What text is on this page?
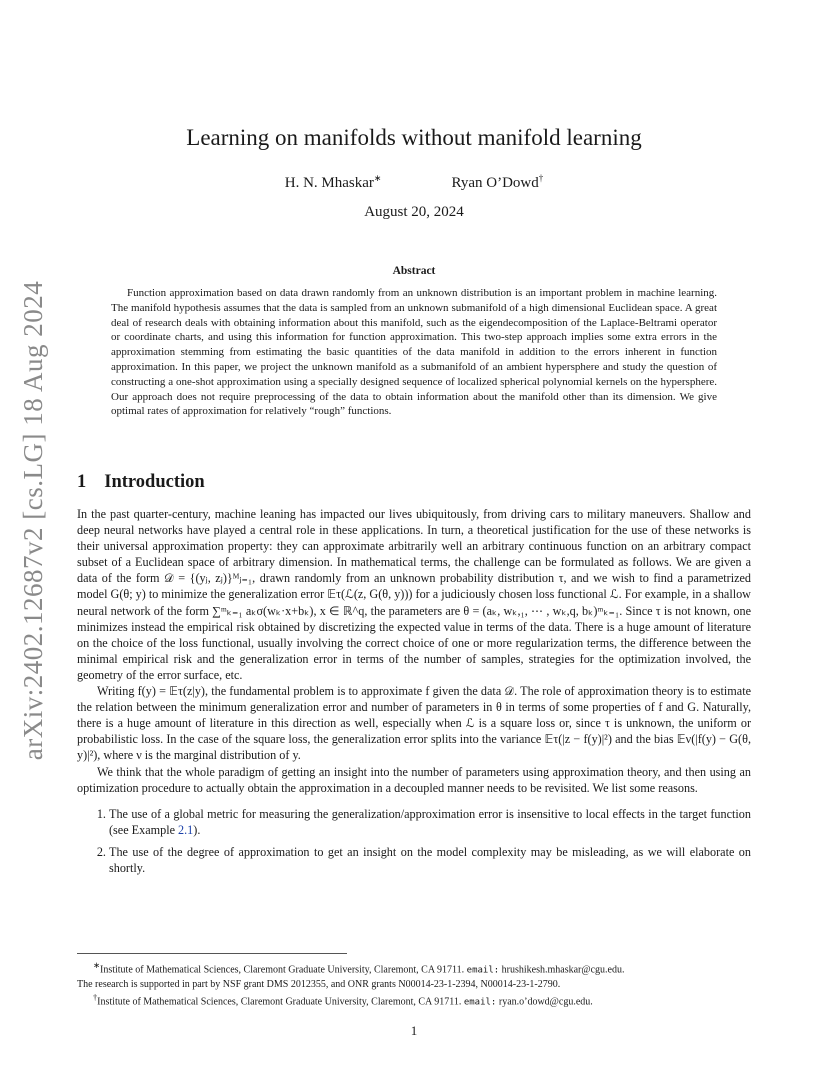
arXiv:2402.12687v2 [cs.LG] 18 Aug 2024
Learning on manifolds without manifold learning
H. N. Mhaskar∗	Ryan O’Dowd†
August 20, 2024
Abstract

Function approximation based on data drawn randomly from an unknown distribution is an important problem in machine learning. The manifold hypothesis assumes that the data is sampled from an unknown submanifold of a high dimensional Euclidean space. A great deal of research deals with obtaining information about this manifold, such as the eigendecomposition of the Laplace-Beltrami operator or coordinate charts, and using this information for function approximation. This two-step approach implies some extra errors in the approximation stemming from estimating the basic quantities of the data manifold in addition to the errors inherent in function approximation. In this paper, we project the unknown manifold as a submanifold of an ambient hypersphere and study the question of constructing a one-shot approximation using a specially designed sequence of localized spherical polynomial kernels on the hypersphere. Our approach does not require preprocessing of the data to obtain information about the manifold other than its dimension. We give optimal rates of approximation for relatively “rough” functions.

1 Introduction

In the past quarter-century, machine leaning has impacted our lives ubiquitously, from driving cars to military maneuvers. Shallow and deep neural networks have played a central role in these applications. In turn, a theoretical justification for the use of these networks is their universal approximation property: they can approximate arbitrarily well an arbitrary continuous function on an arbitrary compact subset of a Euclidean space of arbitrary dimension. In mathematical terms, the challenge can be formulated as follows. We are given a data of the form 𝒟 = {(yⱼ, zⱼ)}ᴹⱼ₌₁, drawn randomly from an unknown probability distribution τ, and we wish to find a parametrized model G(θ; y) to minimize the generalization error 𝔼τ(ℒ(z, G(θ, y))) for a judiciously chosen loss functional ℒ. For example, in a shallow neural network of the form ∑ᵐₖ₌₁ aₖσ(wₖ·x+bₖ), x ∈ ℝ^q, the parameters are θ = (aₖ, wₖ,₁, ⋯ , wₖ,q, bₖ)ᵐₖ₌₁. Since τ is not known, one minimizes instead the empirical risk obtained by discretizing the expected value in terms of the data. There is a huge amount of literature on the choice of the loss functional, usually involving the correct choice of one or more regularization terms, the difference between the minimal empirical risk and the generalization error in terms of the number of samples, strategies for the optimization involved, the geometry of the error surface, etc.

Writing f(y) = 𝔼τ(z|y), the fundamental problem is to approximate f given the data 𝒟. The role of approximation theory is to estimate the relation between the minimum generalization error and number of parameters in θ in terms of some properties of f and G. Naturally, there is a huge amount of literature in this direction as well, especially when ℒ is a square loss or, since τ is unknown, the uniform or probabilistic loss. In the case of the square loss, the generalization error splits into the variance 𝔼τ(|z − f(y)|²) and the bias 𝔼ν(|f(y) − G(θ, y)|²), where ν is the marginal distribution of y.

We think that the whole paradigm of getting an insight into the number of parameters using approximation theory, and then using an optimization procedure to actually obtain the approximation in a decoupled manner needs to be revisited. We list some reasons.

1. The use of a global metric for measuring the generalization/approximation error is insensitive to local effects in the target function (see Example 2.1).
2. The use of the degree of approximation to get an insight on the model complexity may be misleading, as we will elaborate on shortly.

∗Institute of Mathematical Sciences, Claremont Graduate University, Claremont, CA 91711. email: hrushikesh.mhaskar@cgu.edu.

The research is supported in part by NSF grant DMS 2012355, and ONR grants N00014-23-1-2394, N00014-23-1-2790.

†Institute of Mathematical Sciences, Claremont Graduate University, Claremont, CA 91711. email: ryan.o’dowd@cgu.edu.

1
